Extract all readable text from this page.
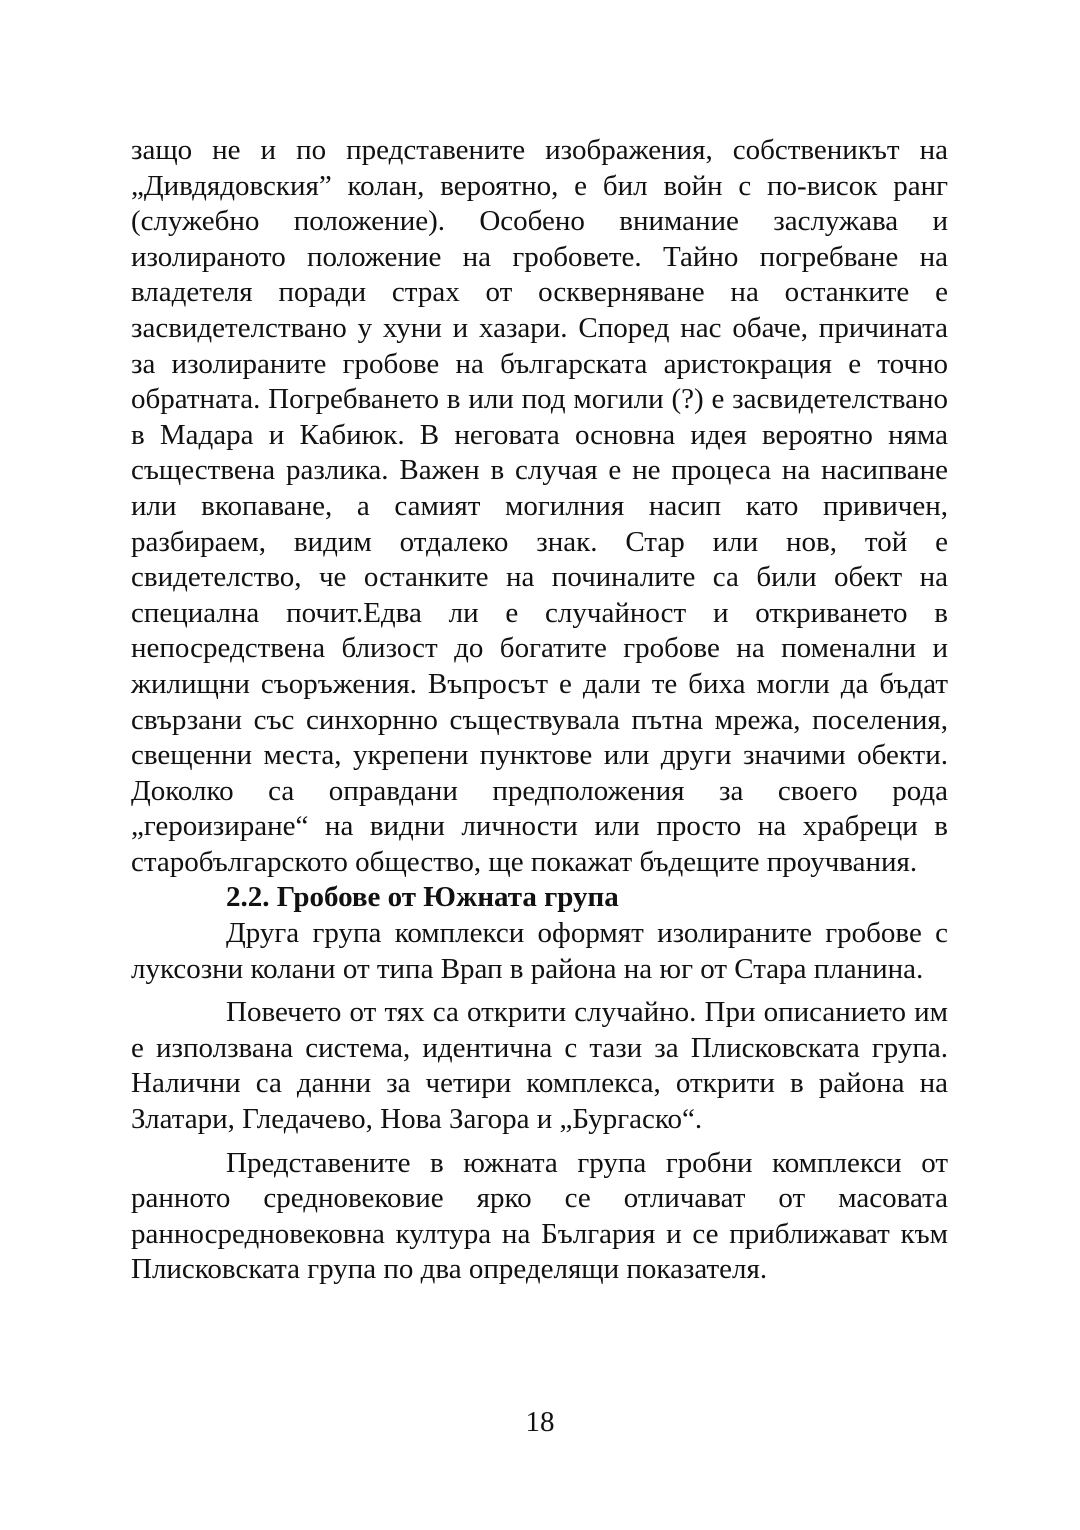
защо не и по представените изображения, собственикът на „Дивдядовския” колан, вероятно, е бил войн с по-висок ранг (служебно положение). Особено внимание заслужава и изолираното положение на гробовете. Тайно погребване на владетеля поради страх от оскверняване на останките е засвидетелствано у хуни и хазари. Според нас обаче, причината за изолираните гробове на българската аристокрация е точно обратната. Погребването в или под могили (?) е засвидетелствано в Мадара и Кабиюк. В неговата основна идея вероятно няма съществена разлика. Важен в случая е не процеса на насипване или вкопаване, а самият могилния насип като привичен, разбираем, видим отдалеко знак. Стар или нов, той е свидетелство, че останките на починалите са били обект на специална почит.Едва ли е случайност и откриването в непосредствена близост до богатите гробове на поменални и жилищни съоръжения. Въпросът е дали те биха могли да бъдат свързани със синхорнно съществувала пътна мрежа, поселения, свещенни места, укрепени пунктове или други значими обекти. Доколко са оправдани предположения за своего рода „героизиране“ на видни личности или просто на храбреци в старобългарското общество, ще покажат бъдещите проучвания.

2.2. Гробове от Южната група

Друга група комплекси оформят изолираните гробове с луксозни колани от типа Врап в района на юг от Стара планина.

Повечето от тях са открити случайно. При описанието им е използвана система, идентична с тази за Плисковската група. Налични са данни за четири комплекса, открити в района на Златари, Гледачево, Нова Загора и „Бургаско“.

Представените в южната група гробни комплекси от ранното средновековие ярко се отличават от масовата ранносредновековна култура на България и се приближават към Плисковската група по два определящи показателя.

18
